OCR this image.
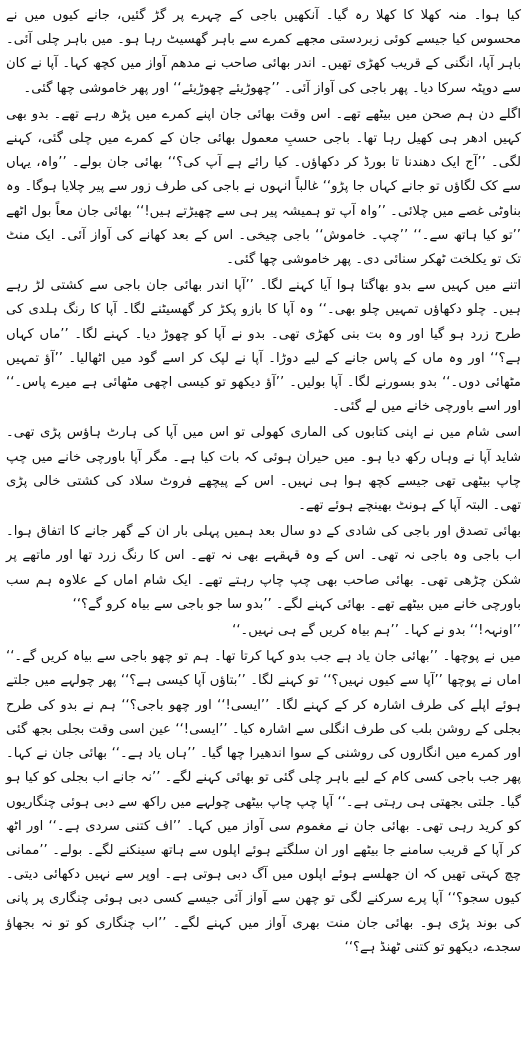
کیا ہوا۔ منہ کھلا کا کھلا رہ گیا۔ آنکھیں باجی کے چہرے پر گڑ گئیں، جانے کیوں میں نے محسوس کیا جیسے کوئی زبردستی مجھے کمرے سے باہر گھسیٹ رہا ہو۔ میں باہر چلی آئی۔ باہر آپا، انگنی کے قریب کھڑی تھیں۔ اندر بھائی صاحب نے مدھم آواز میں کچھ کہا۔ آپا نے کان سے دوپٹہ سرکا دیا۔ پھر باجی کی آواز آئی۔ ’’چھوڑیئے چھوڑیئے‘‘ اور پھر خاموشی چھا گئی۔

اگلے دن ہم صحن میں بیٹھے تھے۔ اس وقت بھائی جان اپنے کمرے میں پڑھ رہے تھے۔ بدو بھی کہیں ادھر ہی کھیل رہا تھا۔ باجی حسبِ معمول بھائی جان کے کمرے میں چلی گئی، کہنے لگی۔ ’’آج ایک دھندنا تا بورڈ کر دکھاؤں۔ کیا رائے ہے آپ کی؟‘‘ بھائی جان بولے۔ ’’واہ، یہاں سے کک لگاؤں تو جانے کہاں جا پڑو‘‘ غالباً انہوں نے باجی کی طرف زور سے پیر چلایا ہوگا۔ وہ بناوٹی غصے میں چلائی۔ ’’واہ آپ تو ہمیشہ پیر ہی سے چھیڑتے ہیں!‘‘ بھائی جان معاً بول اٹھے ’’تو کیا ہاتھ سے۔‘‘ ’’چپ۔ خاموش‘‘ باجی چیخی۔ اس کے بعد کھانے کی آواز آئی۔ ایک منٹ تک تو یکلخت ٹھکر سنائی دی۔ پھر خاموشی چھا گئی۔

اتنے میں کہیں سے بدو بھاگتا ہوا آیا کہنے لگا۔ ’’آپا اندر بھائی جان باجی سے کشتی لڑ رہے ہیں۔ چلو دکھاؤں تمہیں چلو بھی۔‘‘ وہ آپا کا بازو پکڑ کر گھسیٹنے لگا۔ آپا کا رنگ ہلدی کی طرح زرد ہو گیا اور وہ بت بنی کھڑی تھی۔ بدو نے آپا کو چھوڑ دیا۔ کہنے لگا۔ ’’ماں کہاں ہے؟‘‘ اور وہ ماں کے پاس جانے کے لیے دوڑا۔ آپا نے لپک کر اسے گود میں اٹھالیا۔ ’’آؤ تمہیں مٹھائی دوں۔‘‘ بدو بسورنے لگا۔ آپا بولیں۔ ’’آؤ دیکھو تو کیسی اچھی مٹھائی ہے میرے پاس۔‘‘ اور اسے باورچی خانے میں لے گئی۔

اسی شام میں نے اپنی کتابوں کی الماری کھولی تو اس میں آپا کی ہارٹ ہاؤس پڑی تھی۔ شاید آپا نے وہاں رکھ دیا ہو۔ میں حیران ہوئی کہ بات کیا ہے۔ مگر آپا باورچی خانے میں چپ چاپ بیٹھی تھی جیسے کچھ ہوا ہی نہیں۔ اس کے پیچھے فروٹ سلاد کی کشتی خالی پڑی تھی۔ البتہ آپا کے ہونٹ بھینچے ہوئے تھے۔

بھائی تصدق اور باجی کی شادی کے دو سال بعد ہمیں پہلی بار ان کے گھر جانے کا اتفاق ہوا۔ اب باجی وہ باجی نہ تھی۔ اس کے وہ قہقہے بھی نہ تھے۔ اس کا رنگ زرد تھا اور ماتھے پر شکن چڑھی تھی۔ بھائی صاحب بھی چپ چاپ رہتے تھے۔ ایک شام اماں کے علاوہ ہم سب باورچی خانے میں بیٹھے تھے۔ بھائی کہنے لگے۔ ’’بدو سا جو باجی سے بیاہ کرو گے؟‘‘

’’اونہہ!‘‘ بدو نے کہا۔ ’’ہم بیاہ کریں گے ہی نہیں۔‘‘

میں نے پوچھا۔ ’’بھائی جان یاد ہے جب بدو کہا کرتا تھا۔ ہم تو چھو باجی سے بیاہ کریں گے۔‘‘ اماں نے پوچھا ’’آپا سے کیوں نہیں؟‘‘ تو کہنے لگا۔ ’’بتاؤں آپا کیسی ہے؟‘‘ پھر چولہے میں جلتے ہوئے اپلے کی طرف اشارہ کر کے کہنے لگا۔ ’’ایسی!‘‘ اور چھو باجی؟‘‘ ہم نے بدو کی طرح بجلی کے روشن بلب کی طرف انگلی سے اشارہ کیا۔ ’’ایسی!‘‘ عین اسی وقت بجلی بجھ گئی اور کمرے میں انگاروں کی روشنی کے سوا اندھیرا چھا گیا۔ ’’ہاں یاد ہے۔‘‘ بھائی جان نے کہا۔ پھر جب باجی کسی کام کے لیے باہر چلی گئی تو بھائی کہنے لگے۔ ’’نہ جانے اب بجلی کو کیا ہو گیا۔ جلتی بجھتی ہی رہتی ہے۔‘‘ آپا چپ چاپ بیٹھی چولہے میں راکھ سے دبی ہوئی چنگاریوں کو کرید رہی تھی۔ بھائی جان نے مغموم سی آواز میں کہا۔ ’’اف کتنی سردی ہے۔‘‘ اور اٹھ کر آپا کے قریب سامنے جا بیٹھے اور ان سلگتے ہوئے اپلوں سے ہاتھ سینکنے لگے۔ بولے۔ ’’ممانی چچ کہتی تھیں کہ ان جھلسے ہوئے اپلوں میں آگ دبی ہوتی ہے۔ اوپر سے نہیں دکھائی دیتی۔ کیوں سجو؟‘‘ آپا پرے سرکنے لگی تو چھن سے آواز آئی جیسے کسی دبی ہوئی چنگاری پر پانی کی بوند پڑی ہو۔ بھائی جان منت بھری آواز میں کہنے لگے۔ ’’اب چنگاری کو تو نہ بجھاؤ سجدے، دیکھو تو کتنی ٹھنڈ ہے؟‘‘
